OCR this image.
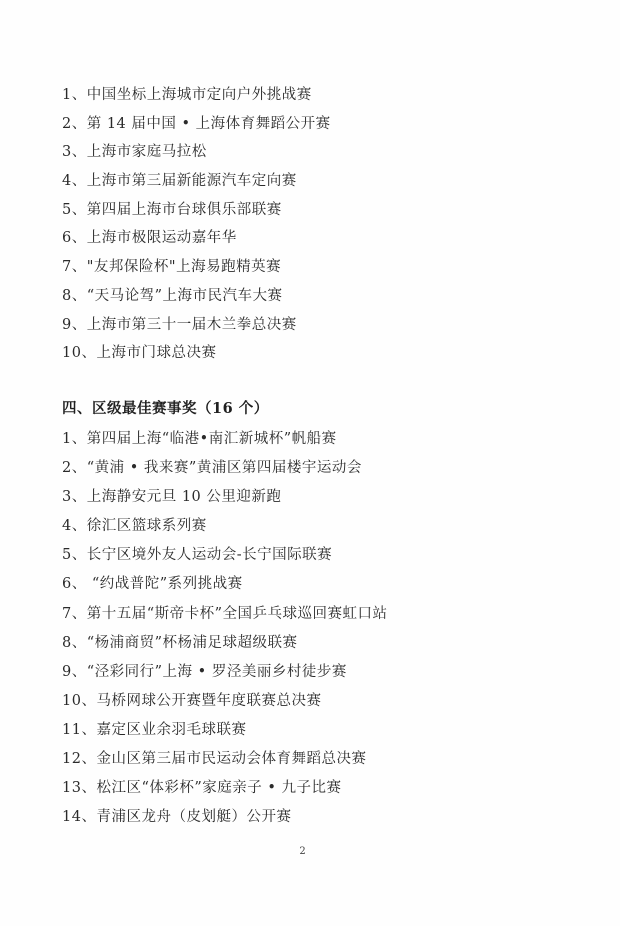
1、中国坐标上海城市定向户外挑战赛
2、第 14 届中国 • 上海体育舞蹈公开赛
3、上海市家庭马拉松
4、上海市第三届新能源汽车定向赛
5、第四届上海市台球俱乐部联赛
6、上海市极限运动嘉年华
7、"友邦保险杯"上海易跑精英赛
8、“天马论驾”上海市民汽车大赛
9、上海市第三十一届木兰拳总决赛
10、上海市门球总决赛
四、区级最佳赛事奖（16 个）
1、第四届上海“临港•南汇新城杯”帆船赛
2、“黄浦 • 我来赛”黄浦区第四届楼宇运动会
3、上海静安元旦 10 公里迎新跑
4、徐汇区篮球系列赛
5、长宁区境外友人运动会-长宁国际联赛
6、 “约战普陀”系列挑战赛
7、第十五届“斯帝卡杯”全国乒乓球巡回赛虹口站
8、“杨浦商贸”杯杨浦足球超级联赛
9、“泾彩同行”上海 • 罗泾美丽乡村徒步赛
10、马桥网球公开赛暨年度联赛总决赛
11、嘉定区业余羽毛球联赛
12、金山区第三届市民运动会体育舞蹈总决赛
13、松江区“体彩杯”家庭亲子 • 九子比赛
14、青浦区龙舟（皮划艇）公开赛
2
